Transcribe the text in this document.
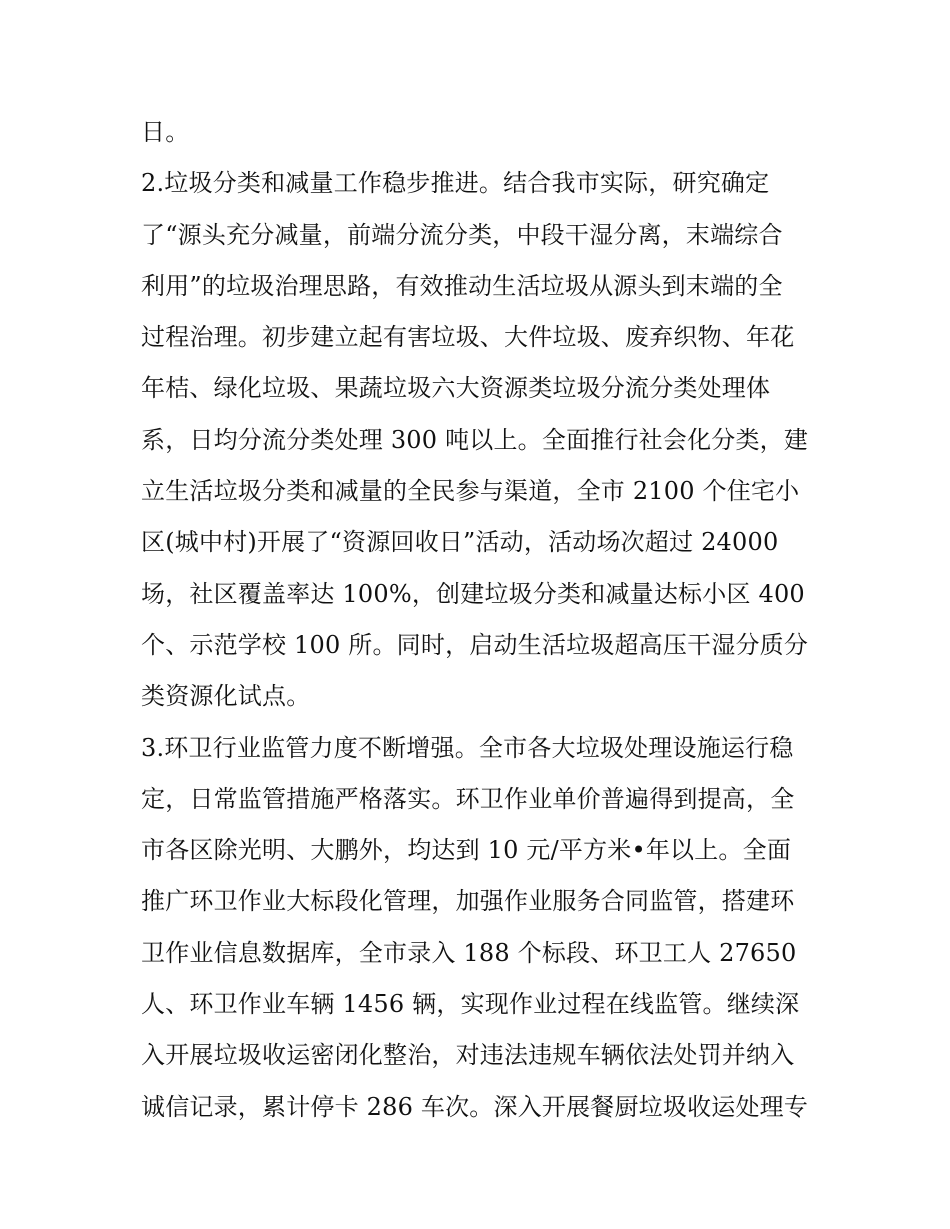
日。
2.垃圾分类和减量工作稳步推进。结合我市实际，研究确定
了“源头充分减量，前端分流分类，中段干湿分离，末端综合
利用”的垃圾治理思路，有效推动生活垃圾从源头到末端的全
过程治理。初步建立起有害垃圾、大件垃圾、废弃织物、年花
年桔、绿化垃圾、果蔬垃圾六大资源类垃圾分流分类处理体
系，日均分流分类处理 300 吨以上。全面推行社会化分类，建
立生活垃圾分类和减量的全民参与渠道，全市 2100 个住宅小
区(城中村)开展了“资源回收日”活动，活动场次超过 24000
场，社区覆盖率达 100%，创建垃圾分类和减量达标小区 400
个、示范学校 100 所。同时，启动生活垃圾超高压干湿分质分
类资源化试点。
3.环卫行业监管力度不断增强。全市各大垃圾处理设施运行稳
定，日常监管措施严格落实。环卫作业单价普遍得到提高，全
市各区除光明、大鹏外，均达到 10 元/平方米•年以上。全面
推广环卫作业大标段化管理，加强作业服务合同监管，搭建环
卫作业信息数据库，全市录入 188 个标段、环卫工人 27650
人、环卫作业车辆 1456 辆，实现作业过程在线监管。继续深
入开展垃圾收运密闭化整治，对违法违规车辆依法处罚并纳入
诚信记录，累计停卡 286 车次。深入开展餐厨垃圾收运处理专
